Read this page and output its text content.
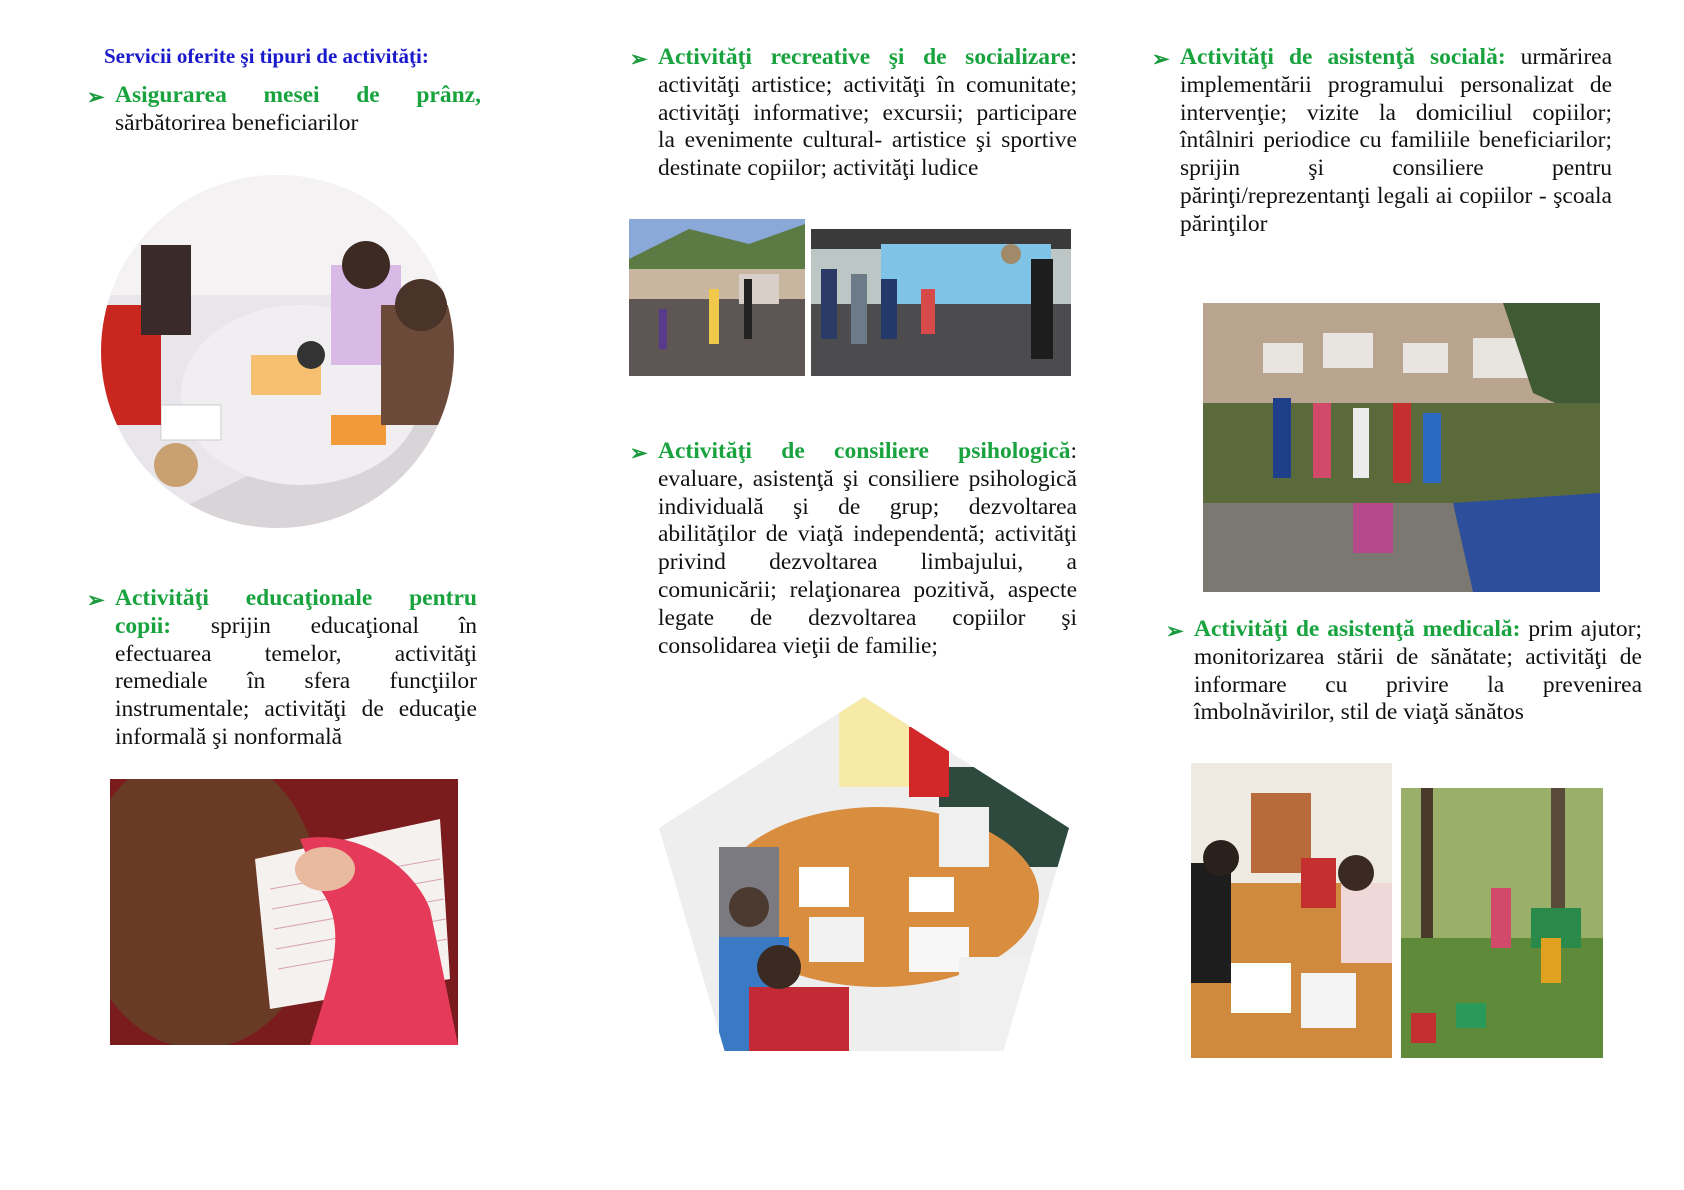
Servicii oferite şi tipuri de activităţi:
➢ Asigurarea mesei de prânz, sărbătorirea beneficiarilor
➢ Activităţi educaţionale pentru copii: sprijin educaţional în efectuarea temelor, activităţi remediale în sfera funcţiilor instrumentale; activităţi de educaţie informală şi nonformală
➢ Activităţi recreative şi de socializare: activităţi artistice; activităţi în comunitate; activităţi informative; excursii; participare la evenimente cultural- artistice şi sportive destinate copiilor; activităţi ludice
➢ Activităţi de consiliere psihologică: evaluare, asistenţă şi consiliere psihologică individuală şi de grup; dezvoltarea abilităţilor de viaţă independentă; activităţi privind dezvoltarea limbajului, a comunicării; relaţionarea pozitivă, aspecte legate de dezvoltarea copiilor şi consolidarea vieţii de familie;
➢ Activităţi de asistenţă socială: urmărirea implementării programului personalizat de intervenţie; vizite la domiciliul copiilor; întâlniri periodice cu familiile beneficiarilor; sprijin şi consiliere pentru părinţi/reprezentanţi legali ai copiilor - şcoala părinţilor
➢ Activităţi de asistenţă medicală: prim ajutor; monitorizarea stării de sănătate; activităţi de informare cu privire la prevenirea îmbolnăvirilor, stil de viaţă sănătos
